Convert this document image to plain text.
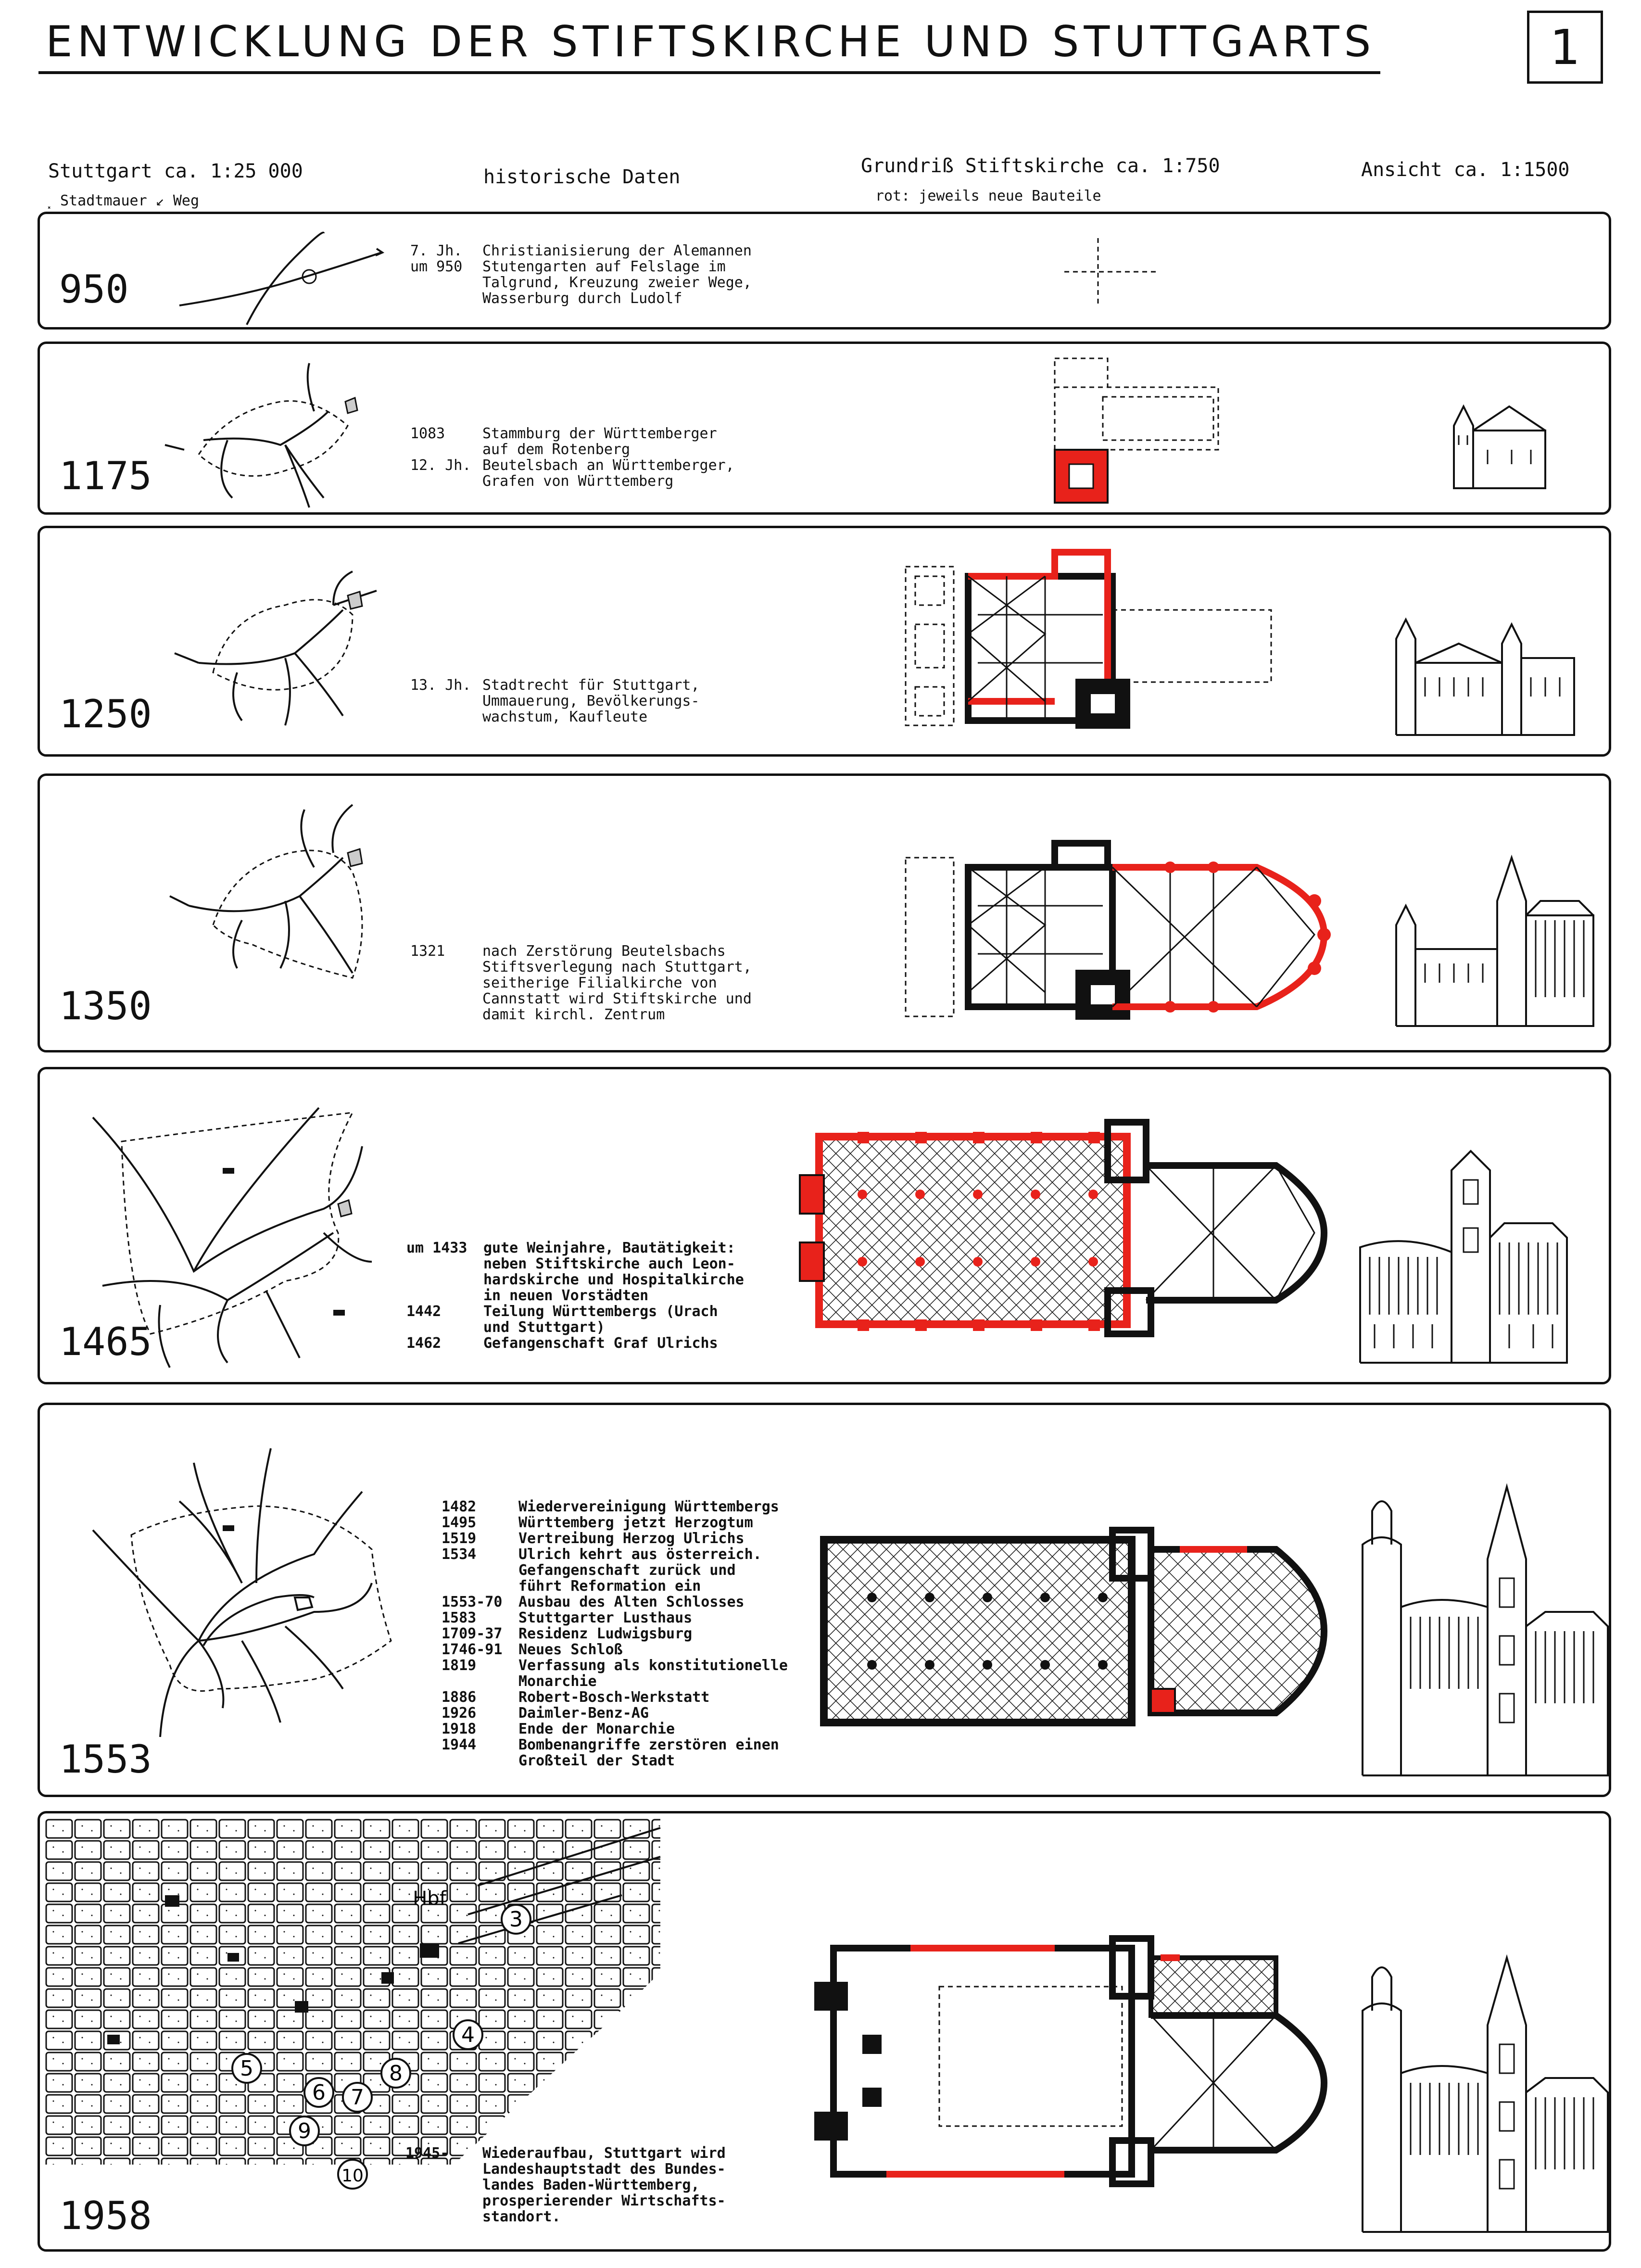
ENTWICKLUNG DER STIFTSKIRCHE UND STUTTGARTS	1
Stuttgart ca. 1:25 000
⸼ Stadtmauer ↙ Weg
historische Daten	Grundriß Stiftskirche ca. 1:750
rot: jeweils neue Bauteile
Ansicht ca. 1:1500
950
7. Jh.	Christianisierung der Alemannen
um 950	Stutengarten auf Felslage im
Talgrund, Kreuzung zweier Wege,
Wasserburg durch Ludolf
1175
1083	Stammburg der Württemberger
auf dem Rotenberg
12. Jh. Beutelsbach an Württemberger,
Grafen von Württemberg
1250
13. Jh. Stadtrecht für Stuttgart,
Ummauerung, Bevölkerungs-
wachstum, Kaufleute
1350
1321	nach Zerstörung Beutelsbachs
Stiftsverlegung nach Stuttgart,
seitherige Filialkirche von
Cannstatt wird Stiftskirche und
damit kirchl. Zentrum
1465
um 1433	gute Weinjahre, Bautätigkeit:
neben Stiftskirche auch Leon-
hardskirche und Hospitalkirche
in neuen Vorstädten
1442	Teilung Württembergs (Urach
und Stuttgart)
1462	Gefangenschaft Graf Ulrichs
1553
1482	Wiedervereinigung Württembergs
1495	Württemberg jetzt Herzogtum
1519	Vertreibung Herzog Ulrichs
1534	Ulrich kehrt aus österreich.
Gefangenschaft zurück und
führt Reformation ein
1553-70	Ausbau des Alten Schlosses
1583	Stuttgarter Lusthaus
1709-37	Residenz Ludwigsburg
1746-91	Neues Schloß
1819	Verfassung als konstitutionelle
Monarchie
1886	Robert-Bosch-Werkstatt
1926	Daimler-Benz-AG
1918	Ende der Monarchie
1944	Bombenangriffe zerstören einen
Großteil der Stadt
1958
3
4
5
6 7
8
9
10
Hbf
1945-	Wiederaufbau, Stuttgart wird
Landeshauptstadt des Bundes-
landes Baden-Württemberg,
prosperierender Wirtschafts-
standort.
